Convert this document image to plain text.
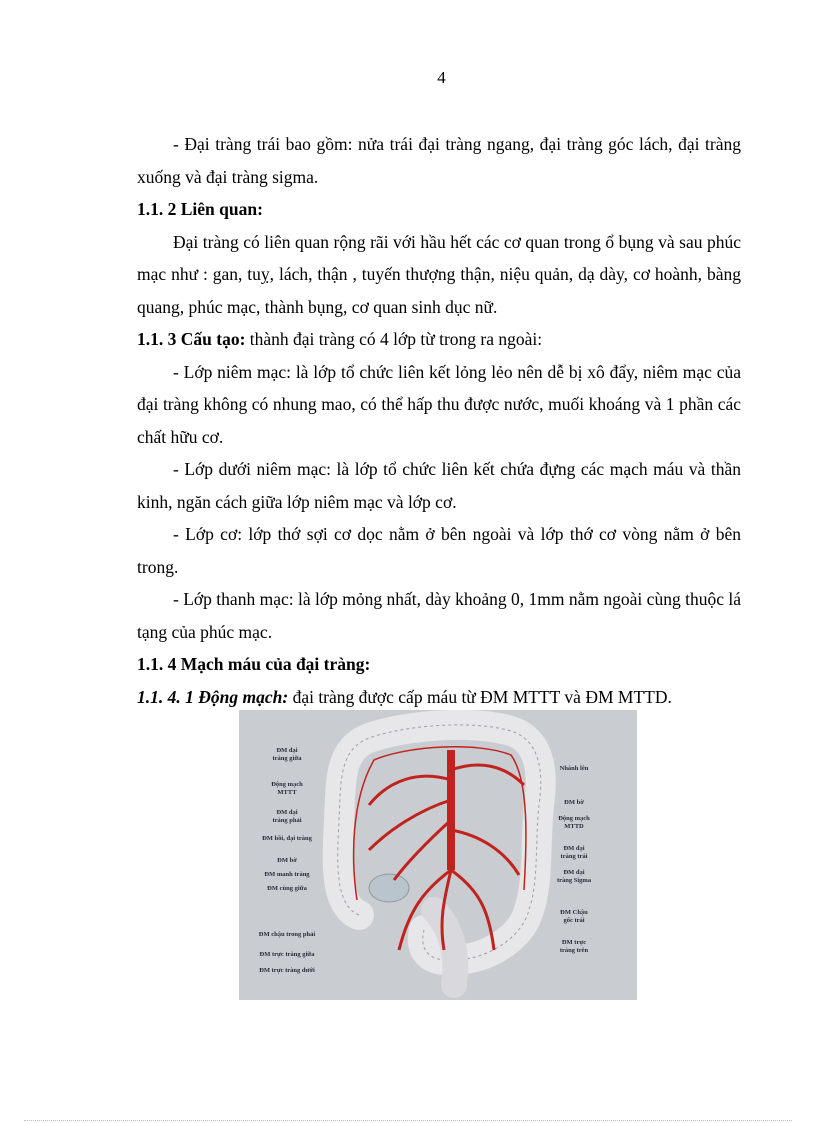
4

- Đại tràng trái bao gồm: nửa trái đại tràng ngang, đại tràng góc lách, đại tràng xuống và đại tràng sigma.

1.1. 2 Liên quan:

Đại tràng có liên quan rộng rãi với hầu hết các cơ quan trong ổ bụng và sau phúc mạc như : gan, tuỵ, lách, thận , tuyến thượng thận, niệu quản, dạ dày, cơ hoành, bàng quang, phúc mạc, thành bụng, cơ quan sinh dục nữ.

1.1. 3 Cấu tạo: thành đại tràng có 4 lớp từ trong ra ngoài:

- Lớp niêm mạc: là lớp tổ chức liên kết lỏng lẻo nên dễ bị xô đẩy, niêm mạc của đại tràng không có nhung mao, có thể hấp thu được nước, muối khoáng và 1 phần các chất hữu cơ.

- Lớp dưới niêm mạc: là lớp tổ chức liên kết chứa đựng các mạch máu và thần kinh, ngăn cách giữa lớp niêm mạc và lớp cơ.

- Lớp cơ: lớp thớ sợi cơ dọc nằm ở bên ngoài và lớp thớ cơ vòng nằm ở bên trong.

- Lớp thanh mạc: là lớp mỏng nhất, dày khoảng 0, 1mm nằm ngoài cùng thuộc lá tạng của phúc mạc.

1.1. 4 Mạch máu của đại tràng:

1.1. 4. 1 Động mạch: đại tràng được cấp máu từ ĐM MTTT và ĐM MTTD.

ĐM đại tràng giữa
Động mạch MTTT
ĐM đại tràng phải
ĐM hồi, đại tràng
ĐM bờ
ĐM manh tràng
ĐM cùng giữa
ĐM chậu trong phải
ĐM trực tràng giữa
ĐM trực tràng dưới
Nhánh lên
ĐM bờ
Động mạch MTTD
ĐM đại tràng trái
ĐM đại tràng Sigma
ĐM Chậu gốc trái
ĐM trực tràng trên
